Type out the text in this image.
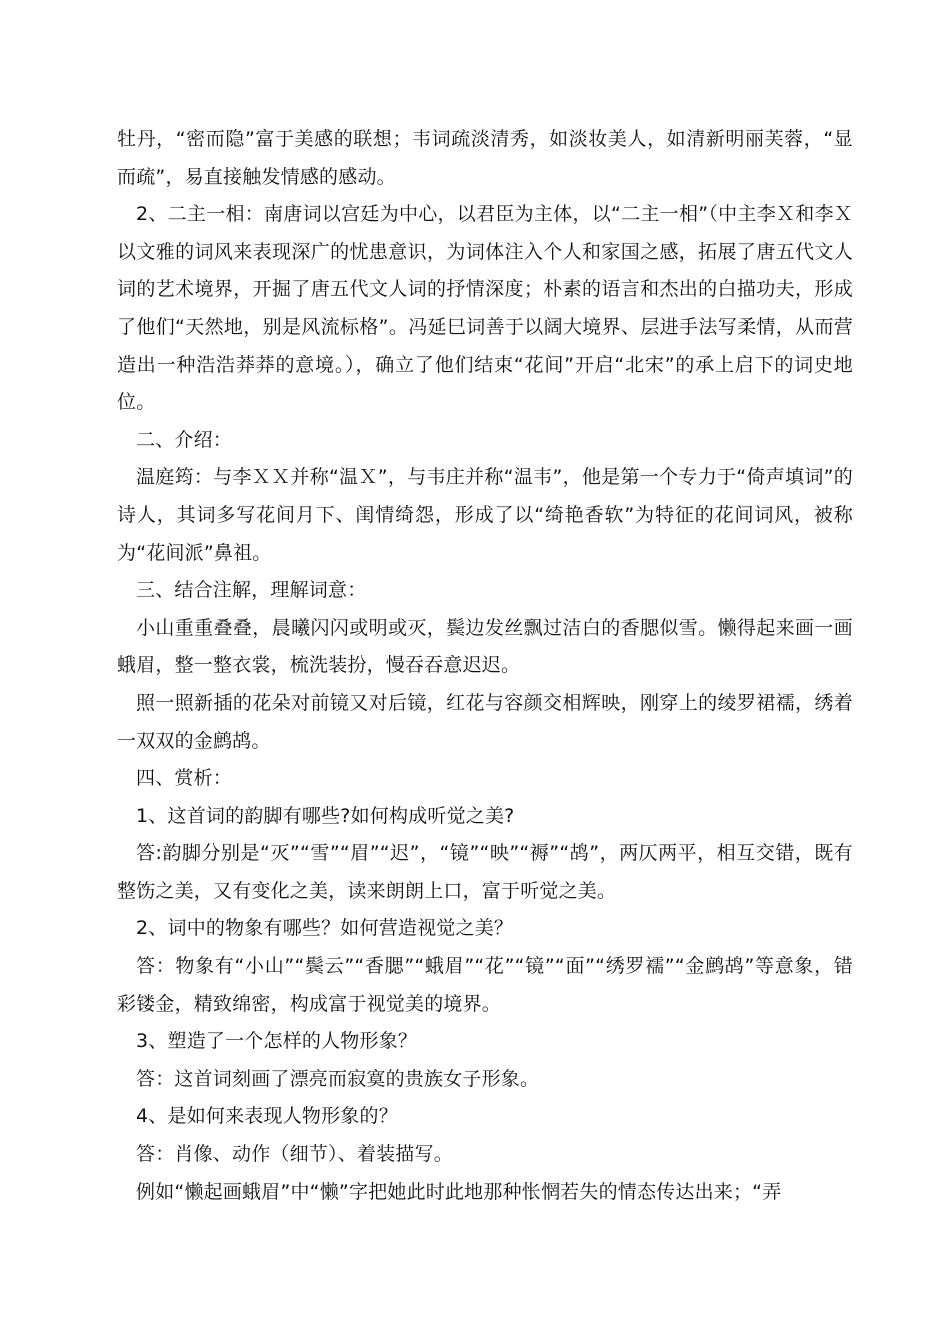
牡丹，“密而隐”富于美感的联想；韦词疏淡清秀，如淡妆美人，如清新明丽芙蓉，“显而疏”，易直接触发情感的感动。

2、二主一相：南唐词以宫廷为中心，以君臣为主体，以“二主一相”（中主李Ｘ和李Ｘ以文雅的词风来表现深广的忧患意识，为词体注入个人和家国之感，拓展了唐五代文人词的艺术境界，开掘了唐五代文人词的抒情深度；朴素的语言和杰出的白描功夫，形成了他们“天然地，别是风流标格”。冯延巳词善于以阔大境界、层进手法写柔情，从而营造出一种浩浩莽莽的意境。），确立了他们结束“花间”开启“北宋”的承上启下的词史地位。

二、介绍：

温庭筠：与李ＸＸ并称“温Ｘ”，与韦庄并称“温韦”，他是第一个专力于“倚声填词”的诗人，其词多写花间月下、闺情绮怨，形成了以“绮艳香软”为特征的花间词风，被称为“花间派”鼻祖。

三、结合注解，理解词意：

小山重重叠叠，晨曦闪闪或明或灭，鬓边发丝飘过洁白的香腮似雪。懒得起来画一画蛾眉，整一整衣裳，梳洗装扮，慢吞吞意迟迟。

照一照新插的花朵对前镜又对后镜，红花与容颜交相辉映，刚穿上的绫罗裙襦，绣着一双双的金鹧鸪。

四、赏析：

1、这首词的韵脚有哪些?如何构成听觉之美?

答:韵脚分别是“灭”“雪”“眉”“迟”，“镜”“映”“褥”“鸪”，两仄两平，相互交错，既有整饬之美，又有变化之美，读来朗朗上口，富于听觉之美。

2、词中的物象有哪些？如何营造视觉之美？

答：物象有“小山”“鬓云”“香腮”“蛾眉”“花”“镜”“面”“绣罗襦”“金鹧鸪”等意象，错彩镂金，精致绵密，构成富于视觉美的境界。

3、塑造了一个怎样的人物形象？

答：这首词刻画了漂亮而寂寞的贵族女子形象。

4、是如何来表现人物形象的？

答：肖像、动作（细节）、着装描写。

例如“懒起画蛾眉”中“懒”字把她此时此地那种怅惘若失的情态传达出来；“弄
